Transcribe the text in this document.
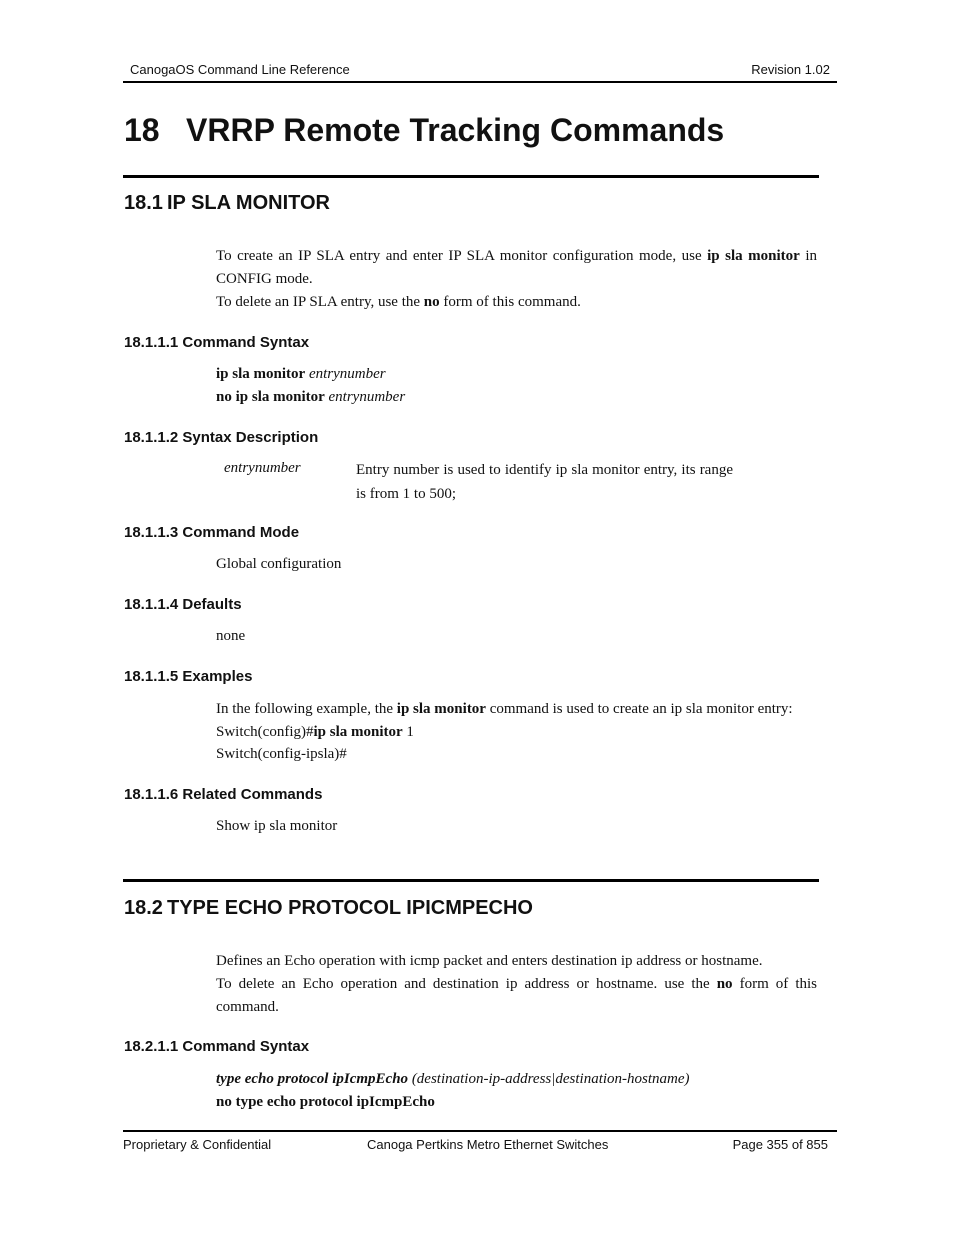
CanogaOS Command Line Reference	Revision 1.02
18 VRRP Remote Tracking Commands
18.1 IP SLA MONITOR
To create an IP SLA entry and enter IP SLA monitor configuration mode, use ip sla monitor in CONFIG mode.
To delete an IP SLA entry, use the no form of this command.
18.1.1.1 Command Syntax
ip sla monitor entrynumber
no ip sla monitor entrynumber
18.1.1.2 Syntax Description
entrynumber	Entry number is used to identify ip sla monitor entry, its range is from 1 to 500;
18.1.1.3 Command Mode
Global configuration
18.1.1.4 Defaults
none
18.1.1.5 Examples
In the following example, the ip sla monitor command is used to create an ip sla monitor entry:
Switch(config)#ip sla monitor 1
Switch(config-ipsla)#
18.1.1.6 Related Commands
Show ip sla monitor
18.2 TYPE ECHO PROTOCOL IPICMPECHO
Defines an Echo operation with icmp packet and enters destination ip address or hostname.
To delete an Echo operation and destination ip address or hostname. use the no form of this command.
18.2.1.1 Command Syntax
type echo protocol ipIcmpEcho (destination-ip-address|destination-hostname)
no type echo protocol ipIcmpEcho
Proprietary & Confidential	Canoga Pertkins Metro Ethernet Switches	Page 355 of 855
